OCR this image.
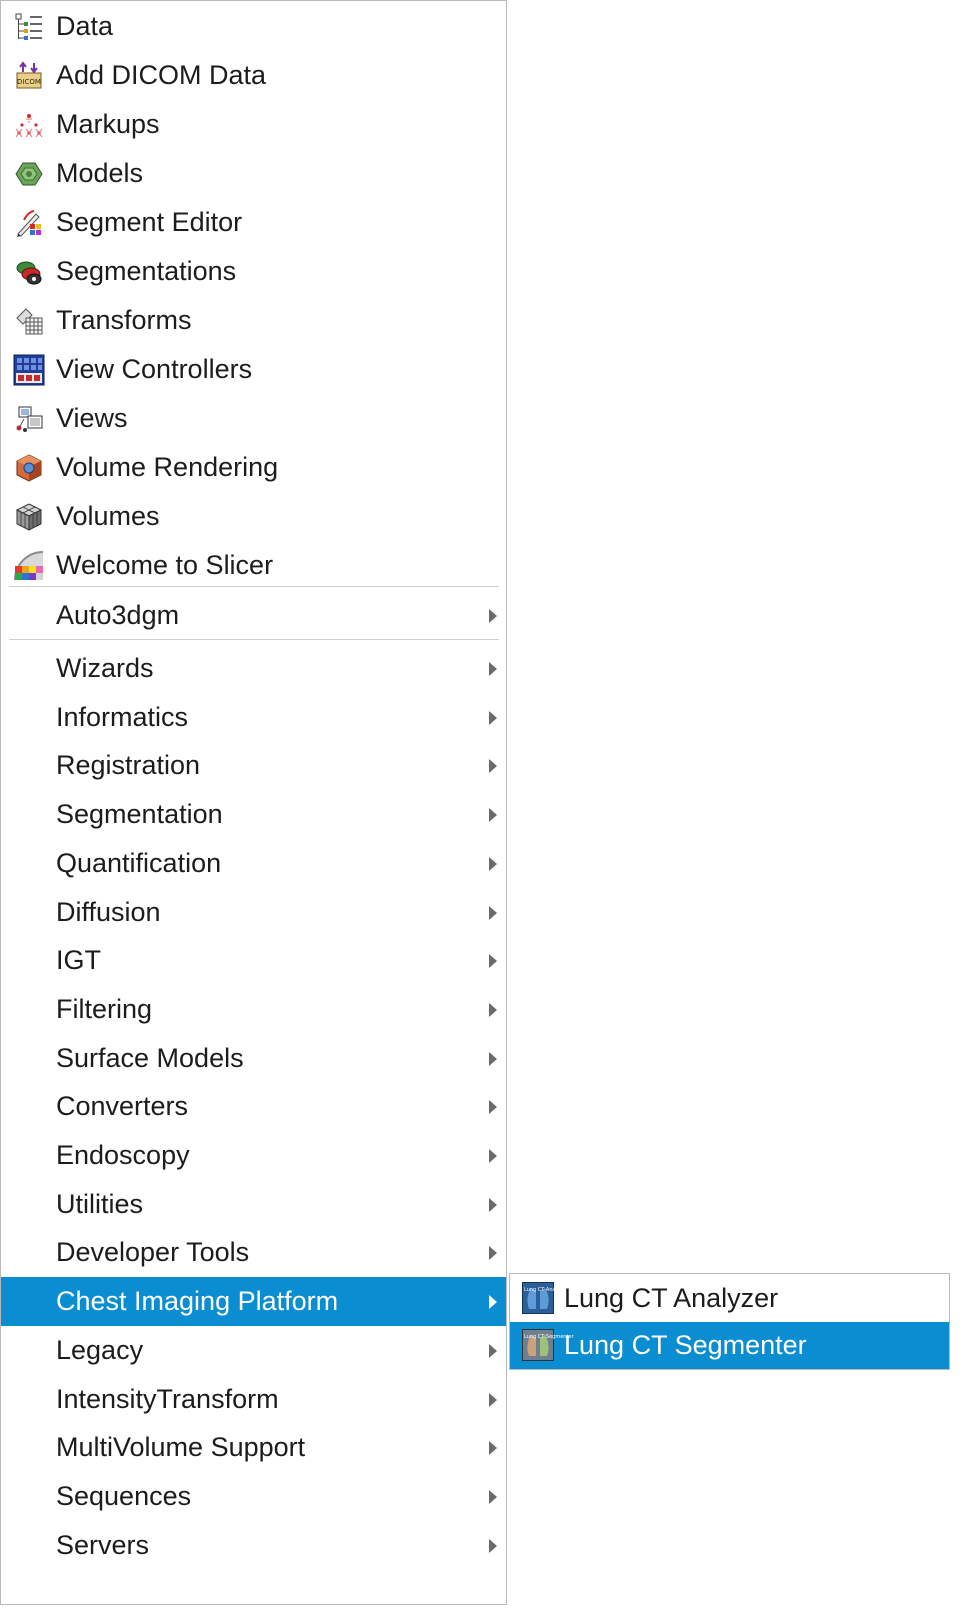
Data
DICOM Add DICOM Data
Markups
Models
Segment Editor
Segmentations
Transforms
View Controllers
Views
Volume Rendering
Volumes
Welcome to Slicer
Auto3dgm
Wizards
Informatics
Registration
Segmentation
Quantification
Diffusion
IGT
Filtering
Surface Models
Converters
Endoscopy
Utilities
Developer Tools
Chest Imaging Platform
Legacy
IntensityTransform
MultiVolume Support
Sequences
Servers
Lung CT Analyzer
Lung CT Analyzer
Lung CT Segmenter
Lung CT Segmenter
